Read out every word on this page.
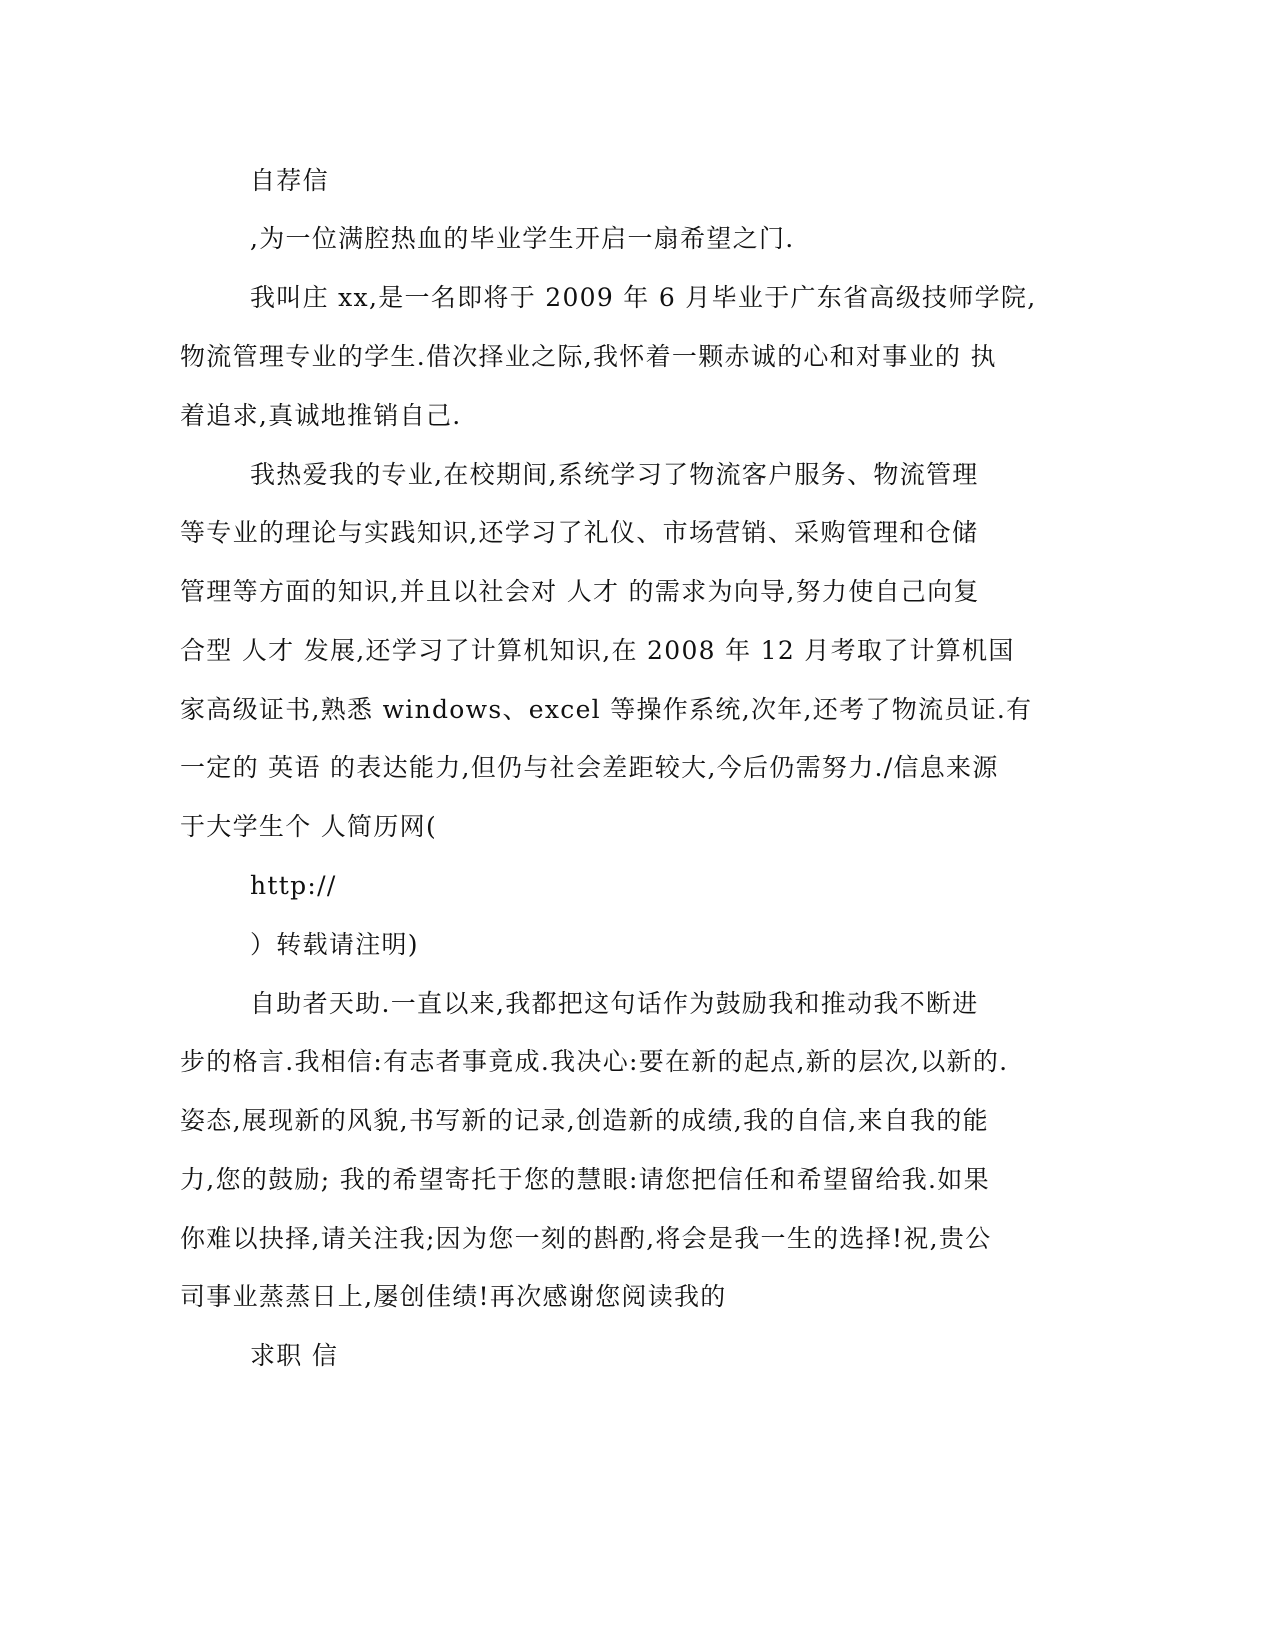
自荐信

,为一位满腔热血的毕业学生开启一扇希望之门.

我叫庄 xx,是一名即将于 2009 年 6 月毕业于广东省高级技师学院,

物流管理专业的学生.借次择业之际,我怀着一颗赤诚的心和对事业的 执

着追求,真诚地推销自己.

我热爱我的专业,在校期间,系统学习了物流客户服务、物流管理

等专业的理论与实践知识,还学习了礼仪、市场营销、采购管理和仓储

管理等方面的知识,并且以社会对 人才 的需求为向导,努力使自己向复

合型 人才 发展,还学习了计算机知识,在 2008 年 12 月考取了计算机国

家高级证书,熟悉 windows、excel 等操作系统,次年,还考了物流员证.有

一定的 英语 的表达能力,但仍与社会差距较大,今后仍需努力./信息来源

于大学生个 人简历网(

http://

）转载请注明)

自助者天助.一直以来,我都把这句话作为鼓励我和推动我不断进

步的格言.我相信:有志者事竟成.我决心:要在新的起点,新的层次,以新的.

姿态,展现新的风貌,书写新的记录,创造新的成绩,我的自信,来自我的能

力,您的鼓励; 我的希望寄托于您的慧眼:请您把信任和希望留给我.如果

你难以抉择,请关注我;因为您一刻的斟酌,将会是我一生的选择!祝,贵公

司事业蒸蒸日上,屡创佳绩!再次感谢您阅读我的

求职 信
